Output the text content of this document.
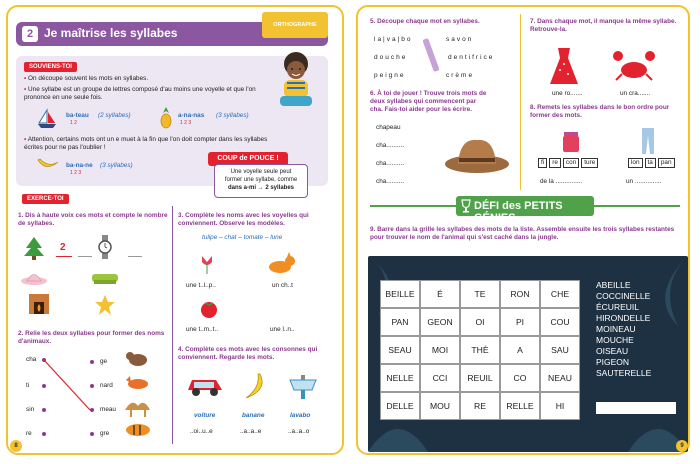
2 Je maîtrise les syllabes
ORTHOGRAPHE
SOUVIENS-TOI
• On découpe souvent les mots en syllabes.
• Une syllabe est un groupe de lettres composé d'au moins une voyelle et que l'on prononce en une seule fois.
ba-teau (2 syllabes)
1 2
a-na-nas (3 syllabes)
1 2 3
• Attention, certains mots ont un e muet à la fin que l'on doit compter dans les syllabes écrites pour ne pas l'oublier !
ba-na-ne (3 syllabes)
1 2 3
COUP de POUCE !
Une voyelle seule peut
former une syllabe, comme
dans a-mi → 2 syllabes
EXERCE-TOI
1. Dis à haute voix ces mots et compte le nombre de syllabes.
2
2. Relie les deux syllabes pour former des noms d'animaux.
cha
ti
sin
re
ge
nard
meau
gre
3. Complète les noms avec les voyelles qui conviennent. Observe les modèles.
tulipe – chat – tomate – lune
une t..l..p..	un ch..t
une t..m..t..	une l..n..
4. Complète ces mots avec les consonnes qui conviennent. Regarde les mots.
voiture	banane	lavabo
..oi..u..e	..a..a..e	..a..a..o
8
5. Découpe chaque mot en syllabes.
la|va|bo	savon
douche	dentifrice
peigne	crème
6. À toi de jouer ! Trouve trois mots de deux syllabes qui commencent par cha. Fais-toi aider pour les écrire.
chapeau
cha..........
cha..........
cha..........
7. Dans chaque mot, il manque la même syllabe. Retrouve-la.
une ro.......	un cra.......
8. Remets les syllabes dans le bon ordre pour former des mots.
fi	re	con	ture	lon	ta	pan
de la ...............	un ...............
DÉFI des PETITS GÉNIES
9. Barre dans la grille les syllabes des mots de la liste. Assemble ensuite les trois syllabes restantes pour trouver le nom de l'animal qui s'est caché dans la jungle.
BEILLE	É	TE	RON	CHE
PAN	GEON	OI	PI	COU
SEAU	MOI	THÈ	A	SAU
NELLE	CCI	REUIL	CO	NEAU
DELLE	MOU	RE	RELLE	HI
ABEILLE
COCCINELLE
ÉCUREUIL
HIRONDELLE
MOINEAU
MOUCHE
OISEAU
PIGEON
SAUTERELLE
9
